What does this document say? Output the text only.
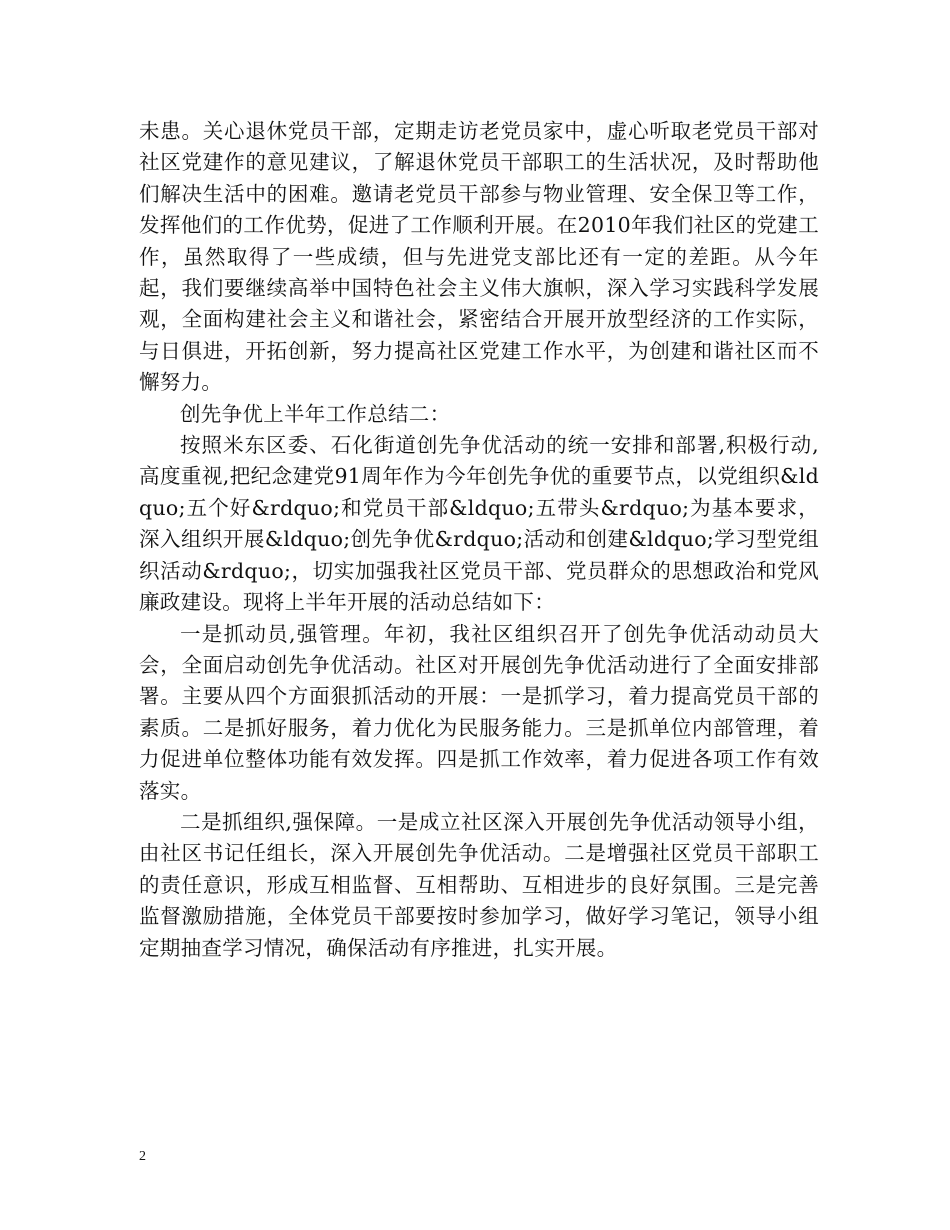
未患。关心退休党员干部，定期走访老党员家中，虚心听取老党员干部对社区党建作的意见建议，了解退休党员干部职工的生活状况，及时帮助他们解决生活中的困难。邀请老党员干部参与物业管理、安全保卫等工作，发挥他们的工作优势，促进了工作顺利开展。在2010年我们社区的党建工作，虽然取得了一些成绩，但与先进党支部比还有一定的差距。从今年起，我们要继续高举中国特色社会主义伟大旗帜，深入学习实践科学发展观，全面构建社会主义和谐社会，紧密结合开展开放型经济的工作实际，与日俱进，开拓创新，努力提高社区党建工作水平，为创建和谐社区而不懈努力。

创先争优上半年工作总结二：

按照米东区委、石化街道创先争优活动的统一安排和部署,积极行动, 高度重视,把纪念建党91周年作为今年创先争优的重要节点，以党组织&ldquo;五个好&rdquo;和党员干部&ldquo;五带头&rdquo;为基本要求，深入组织开展&ldquo;创先争优&rdquo;活动和创建&ldquo;学习型党组织活动&rdquo;，切实加强我社区党员干部、党员群众的思想政治和党风廉政建设。现将上半年开展的活动总结如下：

一是抓动员,强管理。年初，我社区组织召开了创先争优活动动员大会，全面启动创先争优活动。社区对开展创先争优活动进行了全面安排部署。主要从四个方面狠抓活动的开展：一是抓学习，着力提高党员干部的素质。二是抓好服务，着力优化为民服务能力。三是抓单位内部管理，着力促进单位整体功能有效发挥。四是抓工作效率，着力促进各项工作有效落实。

二是抓组织,强保障。一是成立社区深入开展创先争优活动领导小组，由社区书记任组长，深入开展创先争优活动。二是增强社区党员干部职工的责任意识，形成互相监督、互相帮助、互相进步的良好氛围。三是完善监督激励措施，全体党员干部要按时参加学习，做好学习笔记，领导小组定期抽查学习情况，确保活动有序推进，扎实开展。

2
